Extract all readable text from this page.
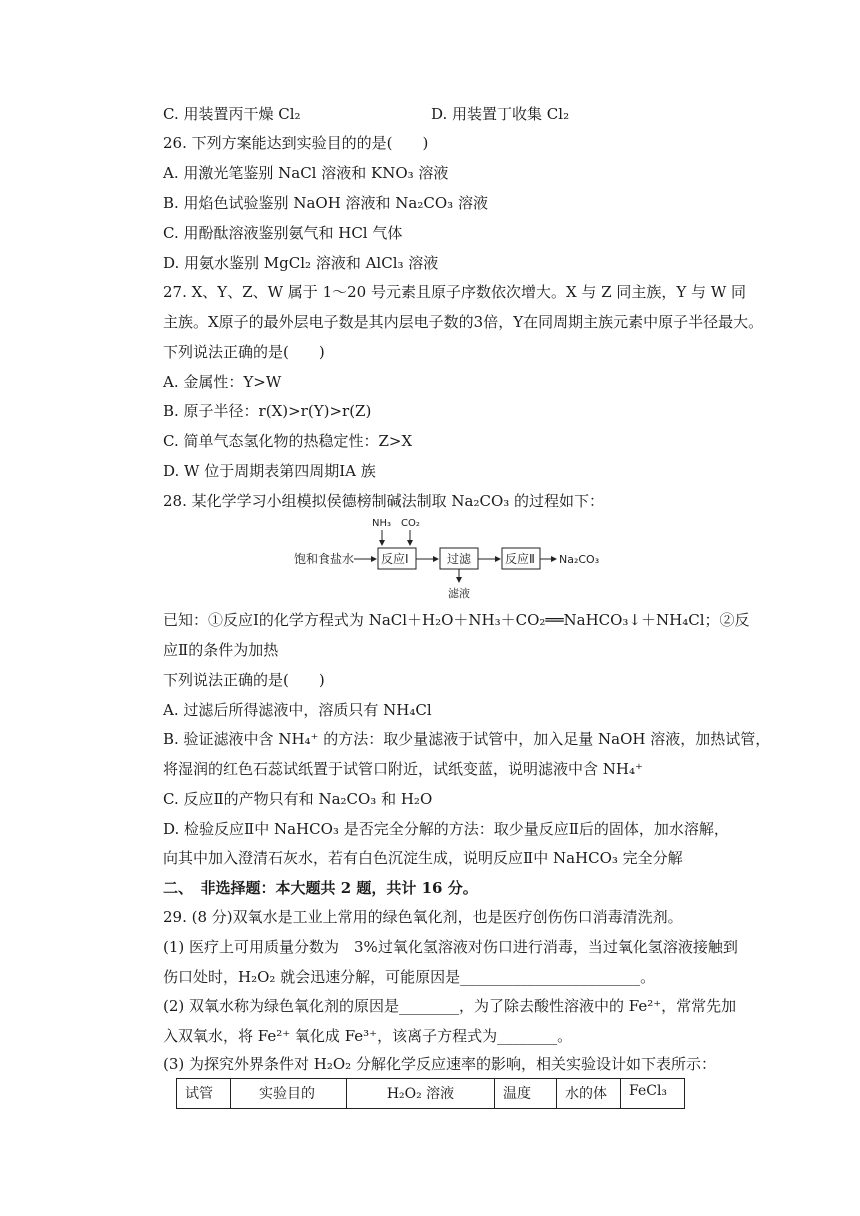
C. 用装置丙干燥 Cl₂	D. 用装置丁收集 Cl₂
26. 下列方案能达到实验目的的是(　　)
A. 用激光笔鉴别 NaCl 溶液和 KNO₃ 溶液
B. 用焰色试验鉴别 NaOH 溶液和 Na₂CO₃ 溶液
C. 用酚酞溶液鉴别氨气和 HCl 气体
D. 用氨水鉴别 MgCl₂ 溶液和 AlCl₃ 溶液
27. X、Y、Z、W 属于 1～20 号元素且原子序数依次增大。X 与 Z 同主族，Y 与 W 同
主族。X原子的最外层电子数是其内层电子数的3倍，Y在同周期主族元素中原子半径最大。
下列说法正确的是(　　)
A. 金属性：Y>W
B. 原子半径：r(X)>r(Y)>r(Z)
C. 简单气态氢化物的热稳定性：Z>X
D. W 位于周期表第四周期ⅠA 族
28. 某化学学习小组模拟侯德榜制碱法制取 Na₂CO₃ 的过程如下：
饱和食盐水
NH₃ CO₂
反应Ⅰ	过滤	反应Ⅱ Na₂CO₃
滤液
已知：①反应Ⅰ的化学方程式为 NaCl＋H₂O＋NH₃＋CO₂══NaHCO₃↓＋NH₄Cl；②反
应Ⅱ的条件为加热
下列说法正确的是(　　)
A. 过滤后所得滤液中，溶质只有 NH₄Cl
B. 验证滤液中含 NH₄⁺ 的方法：取少量滤液于试管中，加入足量 NaOH 溶液，加热试管，
将湿润的红色石蕊试纸置于试管口附近，试纸变蓝，说明滤液中含 NH₄⁺
C. 反应Ⅱ的产物只有和 Na₂CO₃ 和 H₂O
D. 检验反应Ⅱ中 NaHCO₃ 是否完全分解的方法：取少量反应Ⅱ后的固体，加水溶解，
向其中加入澄清石灰水，若有白色沉淀生成，说明反应Ⅱ中 NaHCO₃ 完全分解
二、　非选择题：本大题共 2 题，共计 16 分。
29. (8 分)双氧水是工业上常用的绿色氧化剂，也是医疗创伤伤口消毒清洗剂。
(1) 医疗上可用质量分数为　3%过氧化氢溶液对伤口进行消毒，当过氧化氢溶液接触到
伤口处时，H₂O₂ 就会迅速分解，可能原因是________________________。
(2) 双氧水称为绿色氧化剂的原因是________，为了除去酸性溶液中的 Fe²⁺，常常先加
入双氧水，将 Fe²⁺ 氧化成 Fe³⁺，该离子方程式为________。
(3) 为探究外界条件对 H₂O₂ 分解化学反应速率的影响，相关实验设计如下表所示：
试管	实验目的	H₂O₂ 溶液	温度	水的体	FeCl₃
